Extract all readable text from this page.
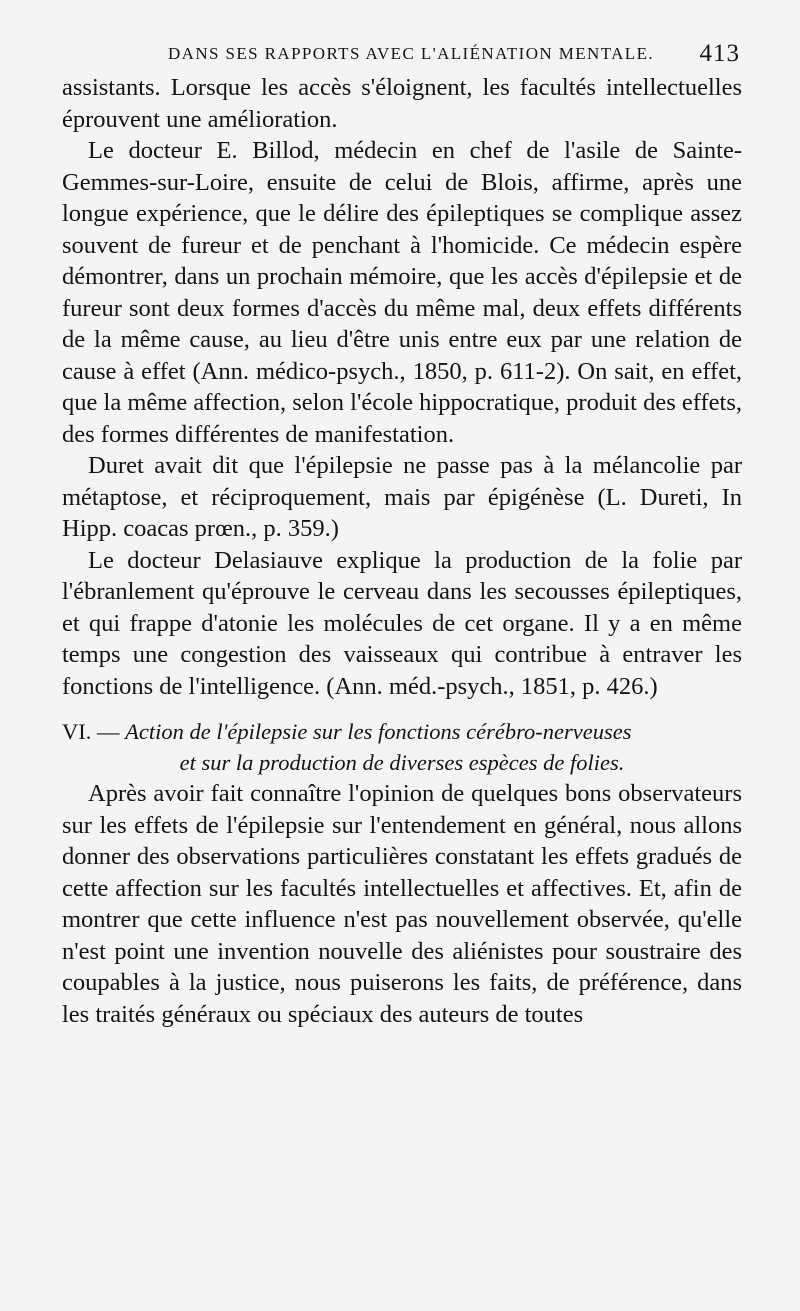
DANS SES RAPPORTS AVEC L'ALIÉNATION MENTALE. 413

assistants. Lorsque les accès s'éloignent, les facultés intellectuelles éprouvent une amélioration.

Le docteur E. Billod, médecin en chef de l'asile de Sainte-Gemmes-sur-Loire, ensuite de celui de Blois, affirme, après une longue expérience, que le délire des épileptiques se complique assez souvent de fureur et de penchant à l'homicide. Ce médecin espère démontrer, dans un prochain mémoire, que les accès d'épilepsie et de fureur sont deux formes d'accès du même mal, deux effets différents de la même cause, au lieu d'être unis entre eux par une relation de cause à effet (Ann. médico-psych., 1850, p. 611-2). On sait, en effet, que la même affection, selon l'école hippocratique, produit des effets, des formes différentes de manifestation.

Duret avait dit que l'épilepsie ne passe pas à la mélancolie par métaptose, et réciproquement, mais par épigénèse (L. Dureti, In Hipp. coacas prœn., p. 359.)

Le docteur Delasiauve explique la production de la folie par l'ébranlement qu'éprouve le cerveau dans les secousses épileptiques, et qui frappe d'atonie les molécules de cet organe. Il y a en même temps une congestion des vaisseaux qui contribue à entraver les fonctions de l'intelligence. (Ann. méd.-psych., 1851, p. 426.)

VI. — Action de l'épilepsie sur les fonctions cérébro-nerveuses
et sur la production de diverses espèces de folies.

Après avoir fait connaître l'opinion de quelques bons observateurs sur les effets de l'épilepsie sur l'entendement en général, nous allons donner des observations particulières constatant les effets gradués de cette affection sur les facultés intellectuelles et affectives. Et, afin de montrer que cette influence n'est pas nouvellement observée, qu'elle n'est point une invention nouvelle des aliénistes pour soustraire des coupables à la justice, nous puiserons les faits, de préférence, dans les traités généraux ou spéciaux des auteurs de toutes
